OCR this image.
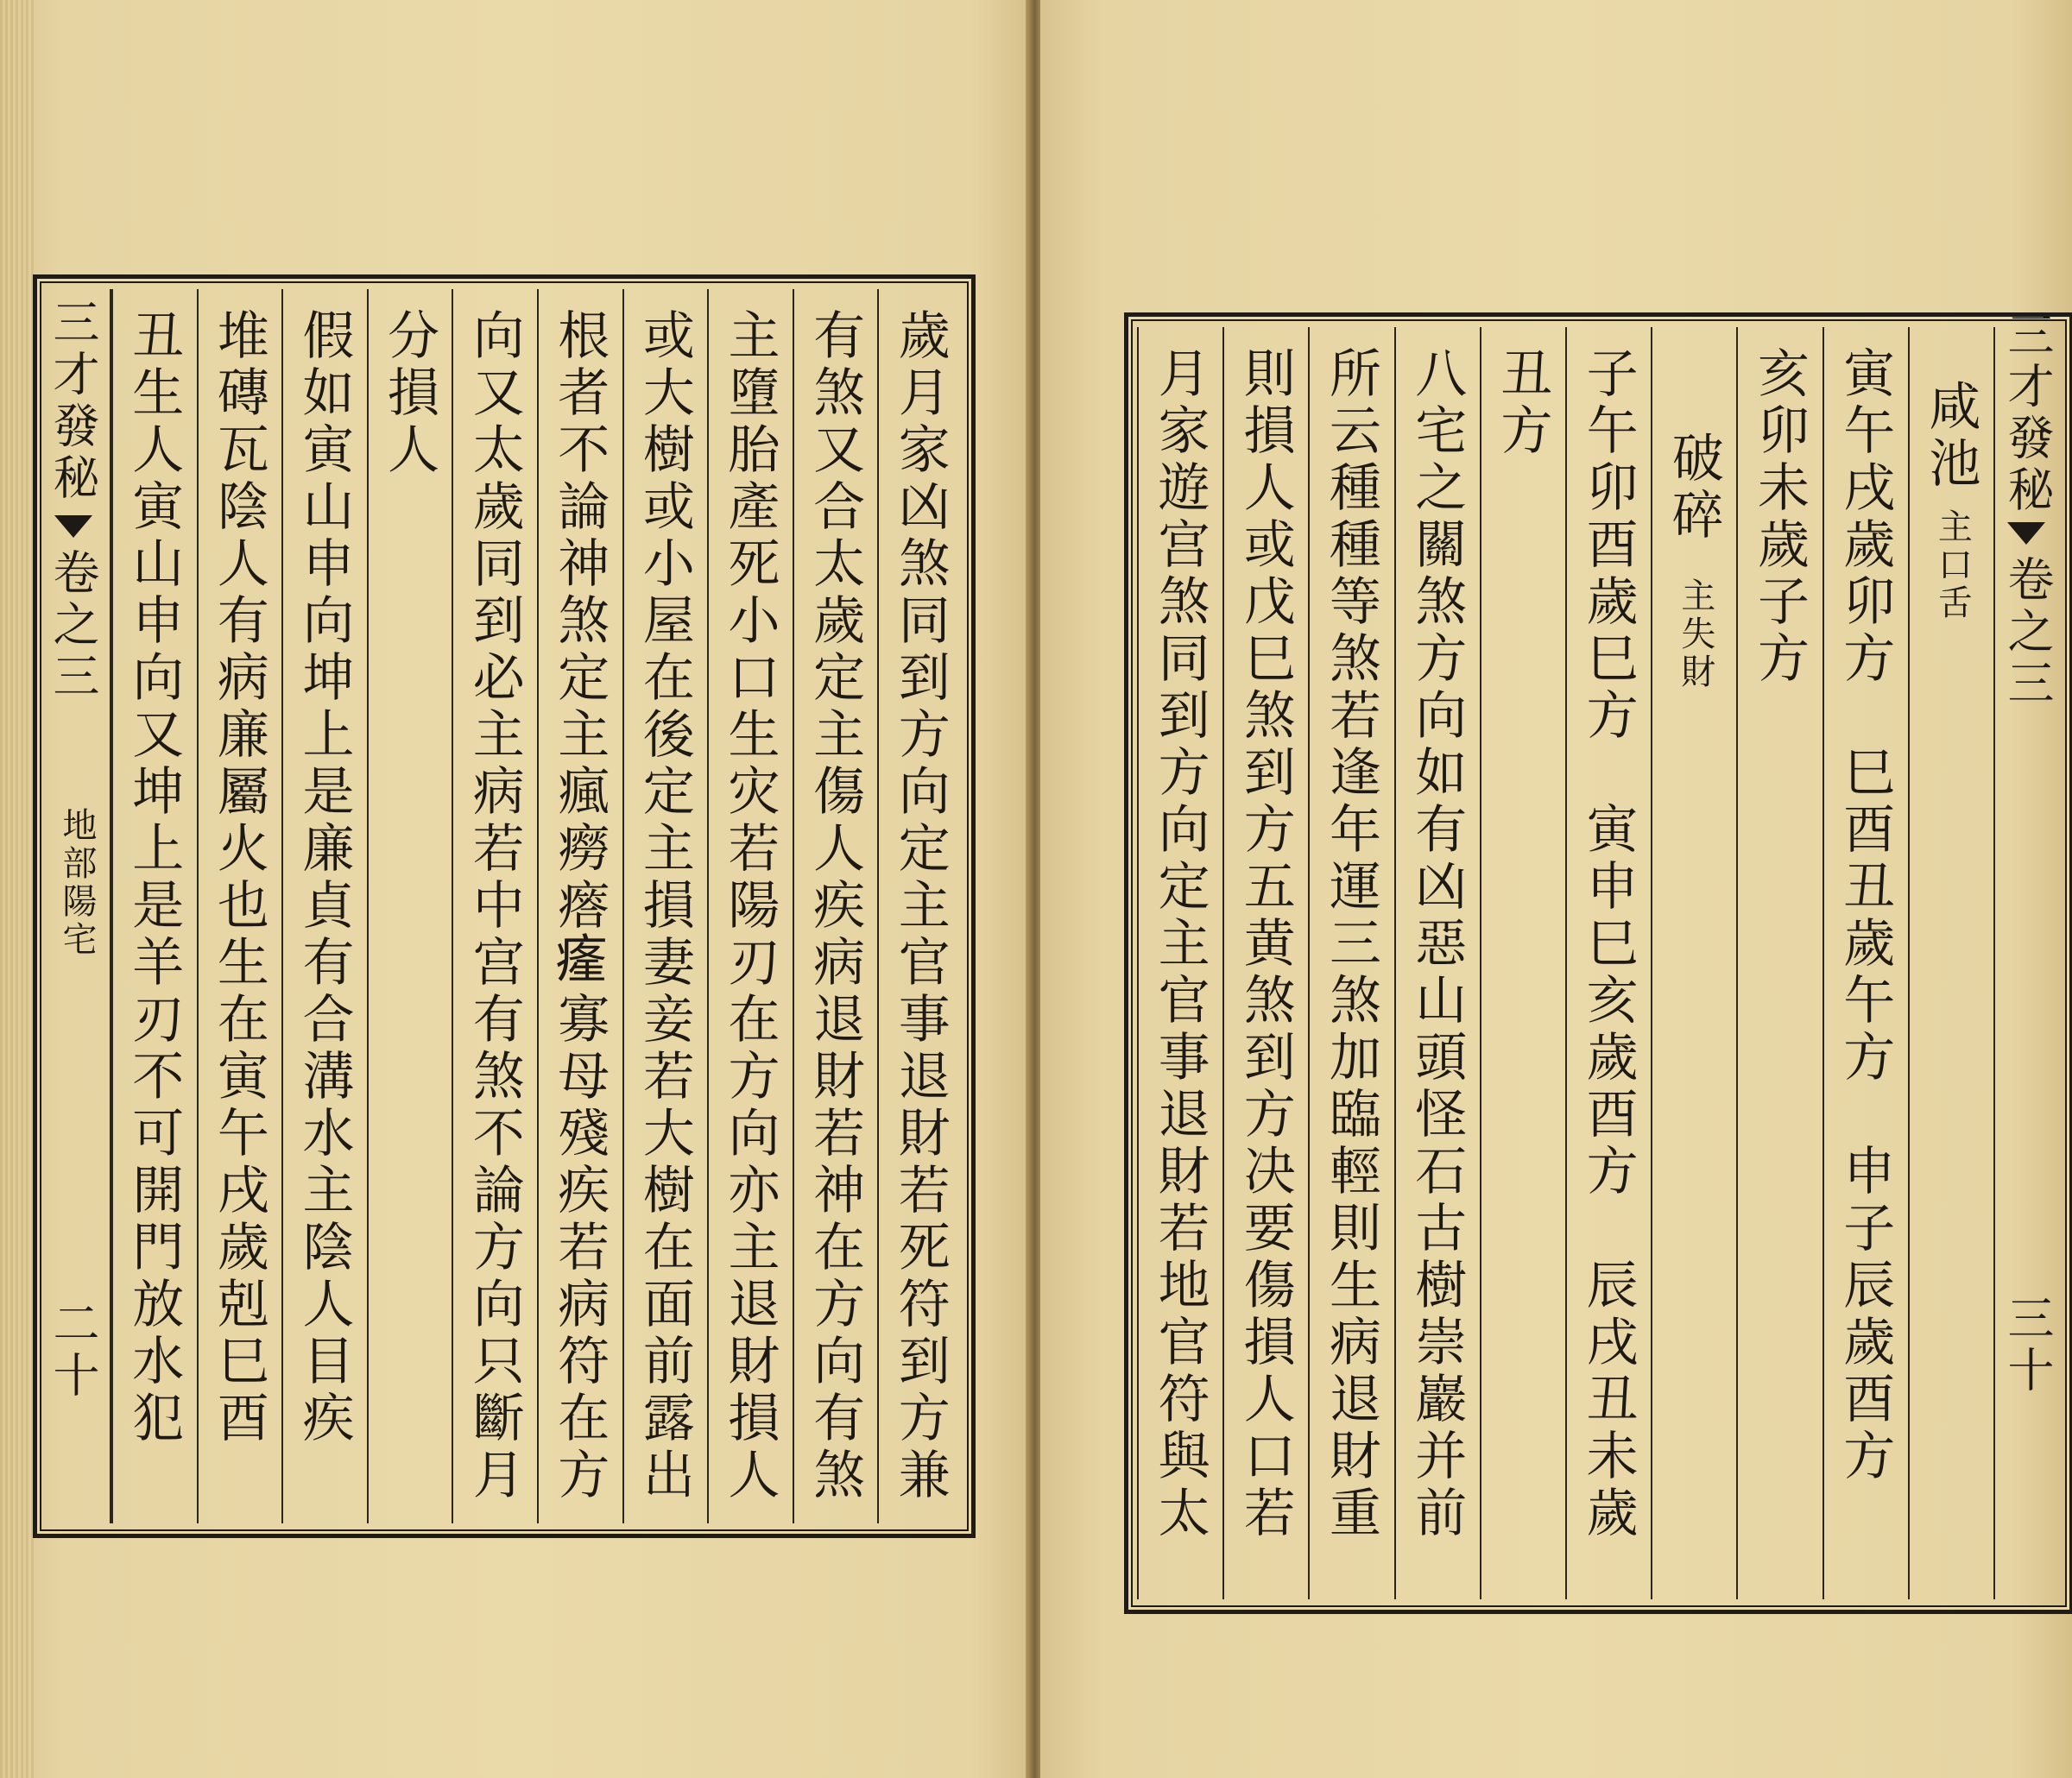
三才發秘
卷之三
地部陽宅
二十	歲月家凶煞同到方向定主官事退財若死符到方兼
有煞又合太歲定主傷人疾病退財若神在方向有煞
主墮胎產死小口生灾若陽刃在方向亦主退財損人
或大樹或小屋在後定主損妻妾若大樹在面前露出
根者不論神煞定主瘋癆𤺥𤸇寡母殘疾若病符在方
向又太歲同到必主病若中宫有煞不論方向只斷月
分損人
假如寅山申向坤上是廉貞有合溝水主陰人目疾
堆磚瓦陰人有病廉屬火也生在寅午戌歲剋巳酉
丑生人寅山申向又坤上是羊刃不可開門放水犯	咸池
主口舌
寅午戌歲卯方　巳酉丑歲午方　申子辰歲酉方
亥卯未歲子方
破碎
主失財
子午卯酉歲巳方　寅申巳亥歲酉方　辰戌丑未歲
丑方
八宅之關煞方向如有凶惡山頭怪石古樹崇巖并前
所云種種等煞若逢年運三煞加臨輕則生病退財重
則損人或戊巳煞到方五黄煞到方决要傷損人口若
月家遊宫煞同到方向定主官事退財若地官符與太	三才發秘
卷之三
三十
